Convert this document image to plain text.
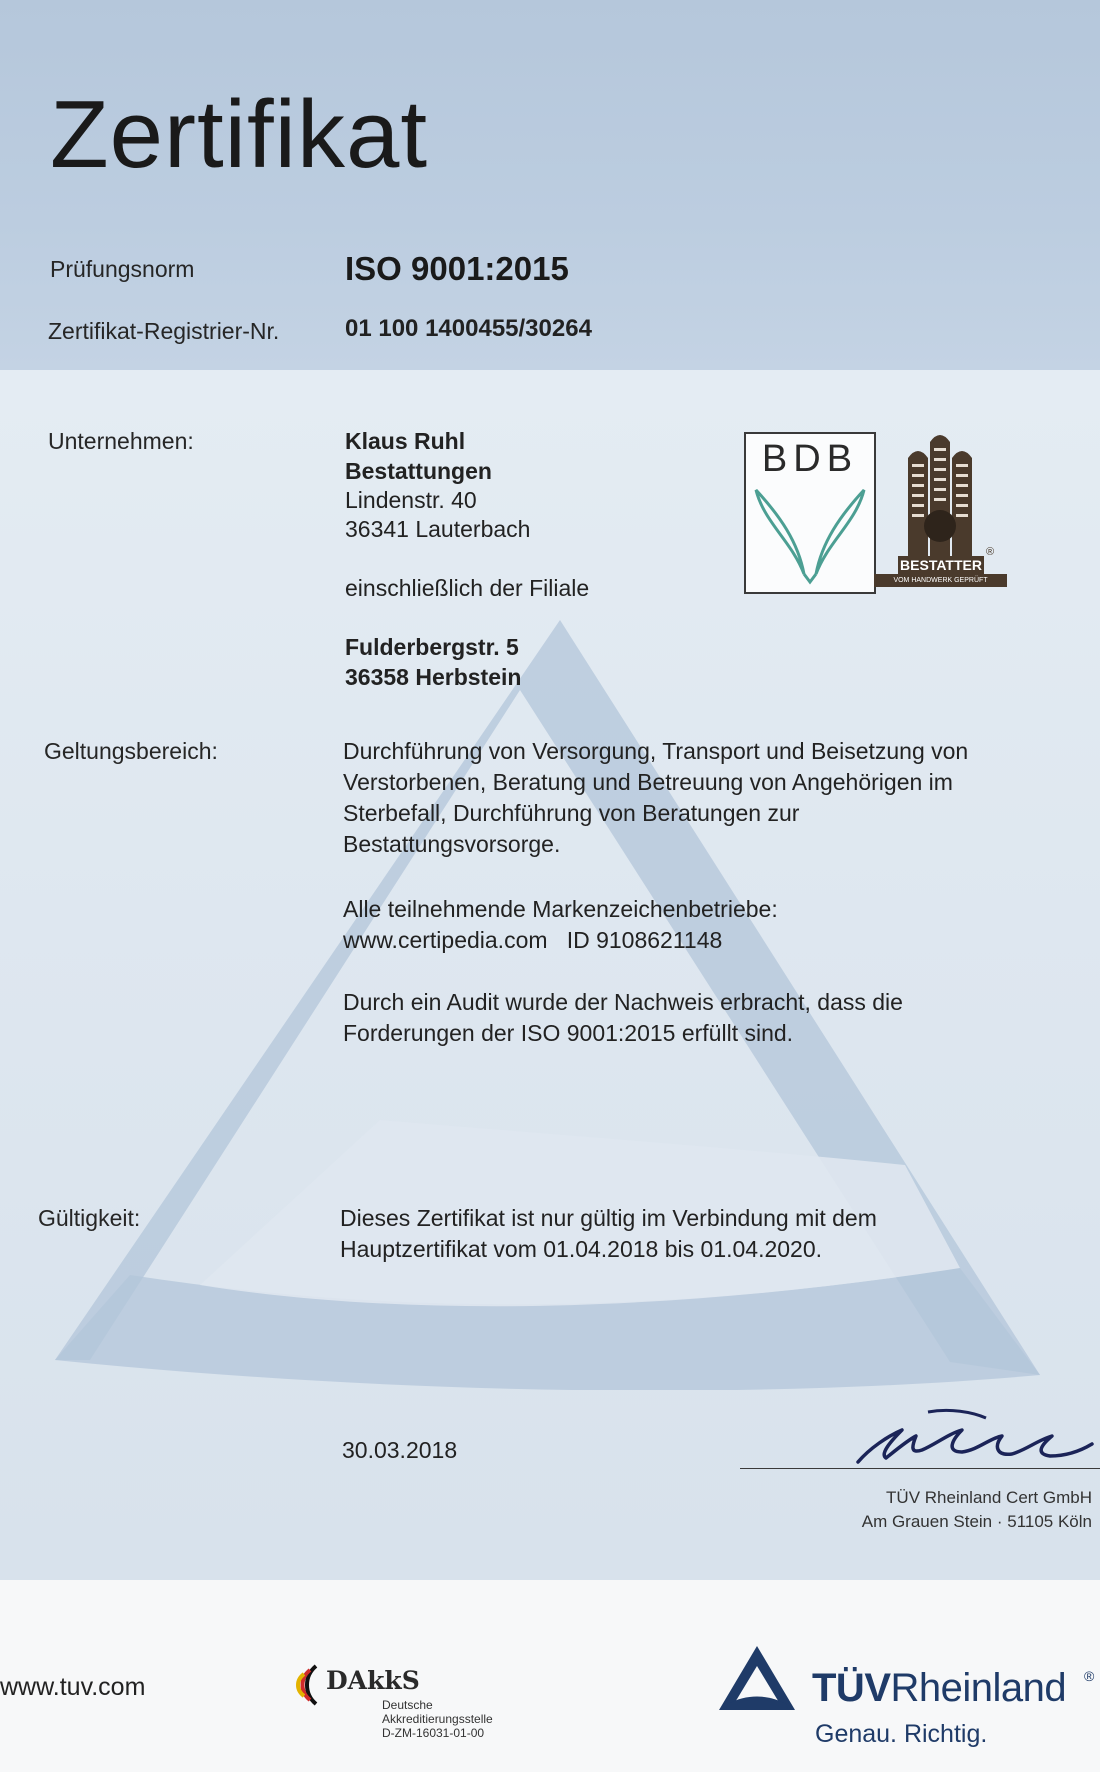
Zertifikat
Prüfungsnorm	ISO 9001:2015
Zertifikat-Registrier-Nr.	01 100 1400455/30264
Unternehmen:	Klaus Ruhl
Bestattungen
Lindenstr. 40
36341 Lauterbach
einschließlich der Filiale
Fulderbergstr. 5
36358 Herbstein
BDB
BESTATTER
VOM HANDWERK GEPRÜFT
®
Geltungsbereich:	Durchführung von Versorgung, Transport und Beisetzung von
Verstorbenen, Beratung und Betreuung von Angehörigen im
Sterbefall, Durchführung von Beratungen zur
Bestattungsvorsorge.
Alle teilnehmende Markenzeichenbetriebe:
www.certipedia.com ID 9108621148
Durch ein Audit wurde der Nachweis erbracht, dass die
Forderungen der ISO 9001:2015 erfüllt sind.
Gültigkeit:	Dieses Zertifikat ist nur gültig im Verbindung mit dem
Hauptzertifikat vom 01.04.2018 bis 01.04.2020.
30.03.2018
TÜV Rheinland Cert GmbH
Am Grauen Stein · 51105 Köln
www.tuv.com	DAkkS
Deutsche
Akkreditierungsstelle
D-ZM-16031-01-00
TÜVRheinland ®
Genau. Richtig.
